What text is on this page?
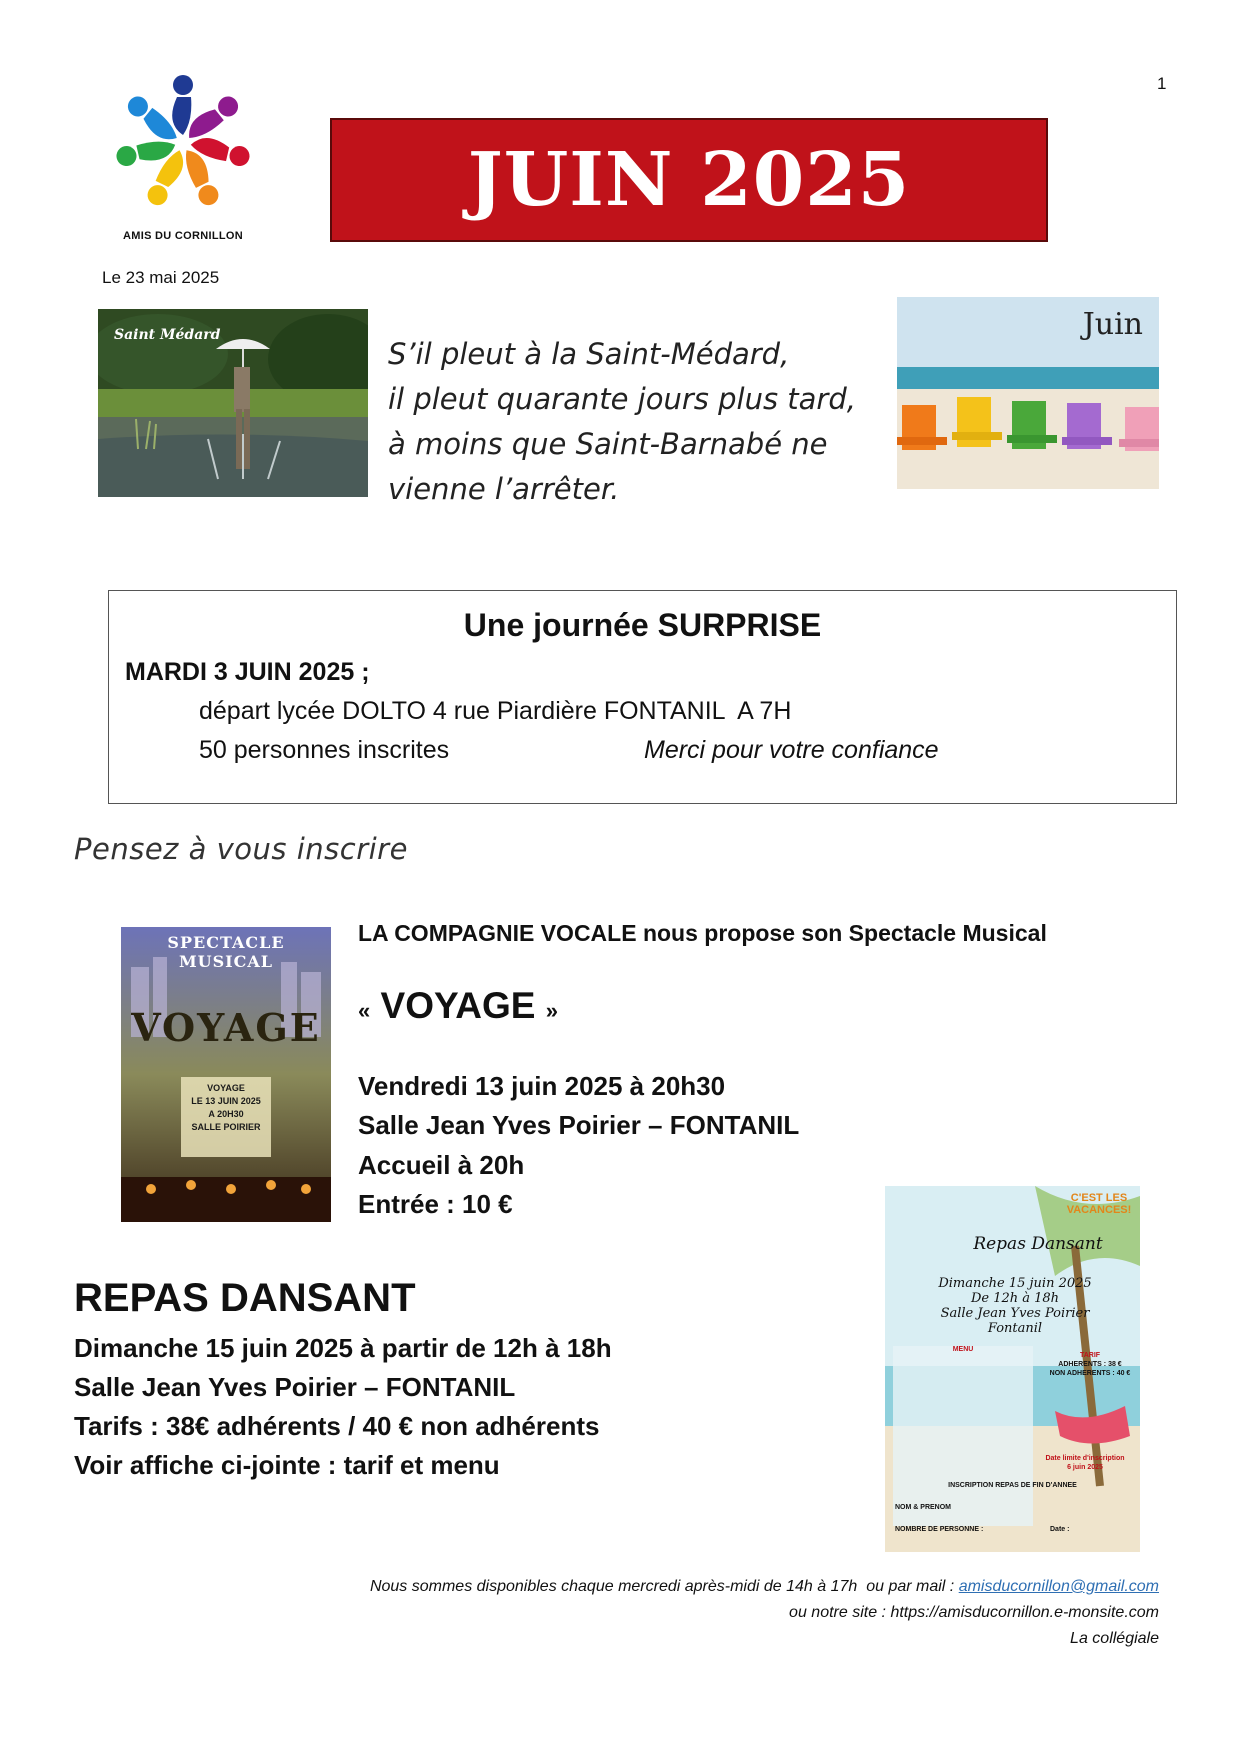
1
AMIS DU CORNILLON
JUIN 2025
Le 23 mai 2025
Saint Médard
S’il pleut à la Saint-Médard,
il pleut quarante jours plus tard,
à moins que Saint-Barnabé ne
vienne l’arrêter.
Juin
Une journée SURPRISE
MARDI 3 JUIN 2025 ;
départ lycée DOLTO 4 rue Piardière FONTANIL  A 7H
50 personnes inscrites	Merci pour votre confiance
Pensez à vous inscrire
SPECTACLE MUSICAL
VOYAGE
VOYAGE
LE 13 JUIN 2025
A 20H30
SALLE POIRIER
LA COMPAGNIE VOCALE nous propose son Spectacle Musical
« VOYAGE »
Vendredi 13 juin 2025 à 20h30
Salle Jean Yves Poirier – FONTANIL
Accueil à 20h
Entrée : 10 €	C'EST LES VACANCES!
Repas Dansant
Dimanche 15 juin 2025
De 12h à 18h
Salle Jean Yves Poirier
Fontanil
MENU
TARIF
ADHERENTS : 38 €
NON ADHERENTS : 40 €
Date limite d'inscription
6 juin 2025
INSCRIPTION REPAS DE FIN D'ANNEE
NOM & PRENOM
NOMBRE DE PERSONNE :	Date :
REPAS DANSANT
Dimanche 15 juin 2025 à partir de 12h à 18h
Salle Jean Yves Poirier – FONTANIL
Tarifs : 38€ adhérents / 40 € non adhérents
Voir affiche ci-jointe : tarif et menu
Nous sommes disponibles chaque mercredi après-midi de 14h à 17h  ou par mail : amisducornillon@gmail.com
ou notre site : https://amisducornillon.e-monsite.com
La collégiale
